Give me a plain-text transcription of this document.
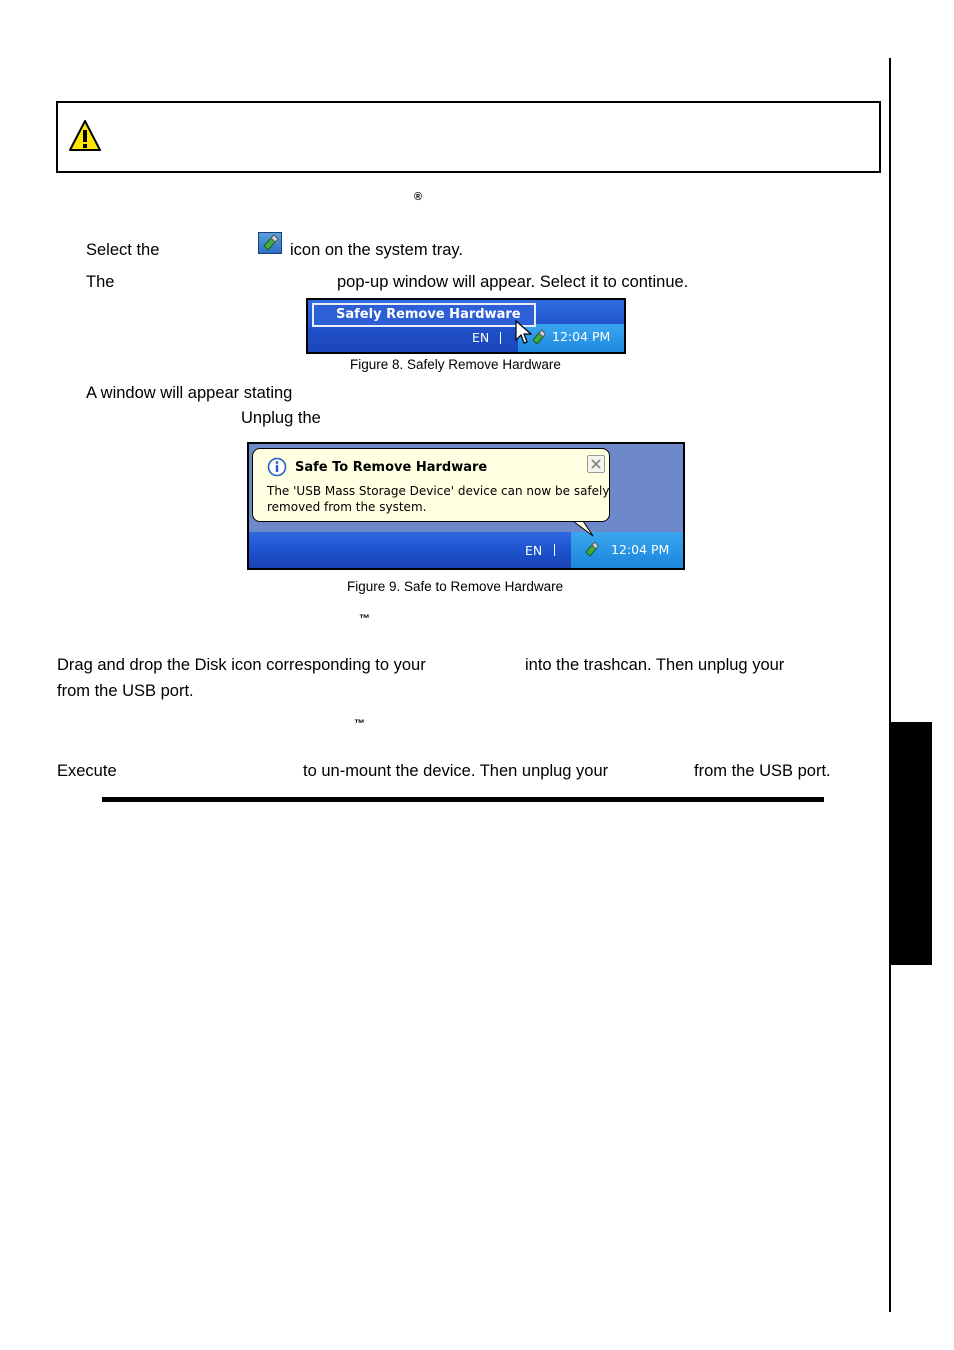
®
Select the	icon on the system tray.
The	pop-up window will appear. Select it to continue.
Safely Remove Hardware
EN	12:04 PM
Figure 8. Safely Remove Hardware
A window will appear stating
Unplug the
Safe To Remove Hardware
The 'USB Mass Storage Device' device can now be safely
removed from the system.
EN	12:04 PM
Figure 9. Safe to Remove Hardware
™
Drag and drop the Disk icon corresponding to your	into the trashcan. Then unplug your
from the USB port.
™
Execute	to un-mount the device. Then unplug your	from the USB port.
